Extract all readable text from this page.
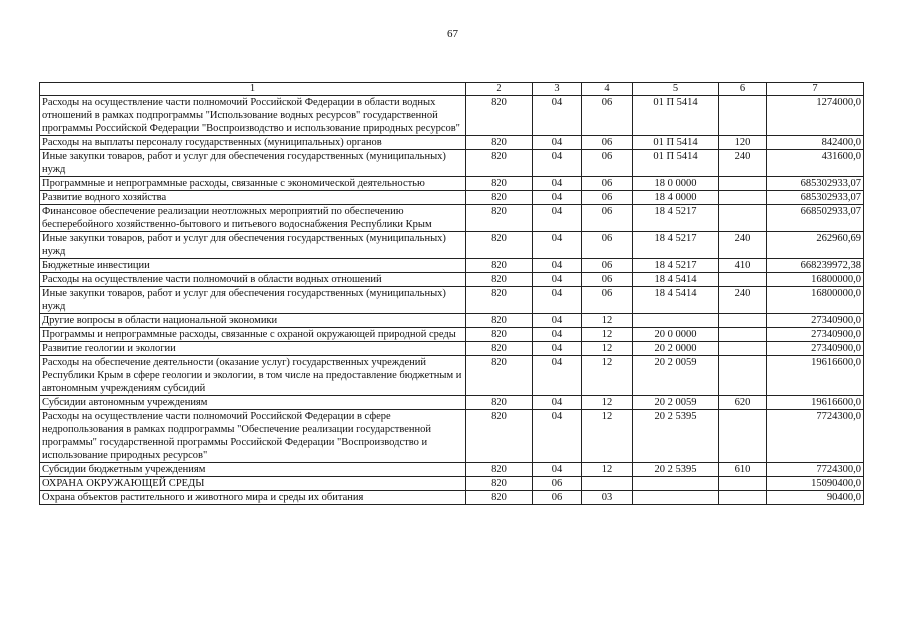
67
1	2	3	4	5	6	7
Расходы на осуществление части полномочий Российской Федерации в области водных отношений в рамках подпрограммы "Использование водных ресурсов" государственной программы Российской Федерации "Воспроизводство и использование природных ресурсов"	820	04	06	01 П 5414		1274000,0
Расходы на выплаты персоналу государственных (муниципальных) органов	820	04	06	01 П 5414	120	842400,0
Иные закупки товаров, работ и услуг для обеспечения государственных (муниципальных) нужд	820	04	06	01 П 5414	240	431600,0
Программные и непрограммные расходы, связанные с экономической деятельностью	820	04	06	18 0 0000		685302933,07
Развитие водного хозяйства	820	04	06	18 4 0000		685302933,07
Финансовое обеспечение реализации неотложных мероприятий по обеспечению бесперебойного хозяйственно-бытового и питьевого водоснабжения Республики Крым	820	04	06	18 4 5217		668502933,07
Иные закупки товаров, работ и услуг для обеспечения государственных (муниципальных) нужд	820	04	06	18 4 5217	240	262960,69
Бюджетные инвестиции	820	04	06	18 4 5217	410	668239972,38
Расходы на осуществление части полномочий в области водных отношений	820	04	06	18 4 5414		16800000,0
Иные закупки товаров, работ и услуг для обеспечения государственных (муниципальных) нужд	820	04	06	18 4 5414	240	16800000,0
Другие вопросы в области национальной экономики	820	04	12			27340900,0
Программы и непрограммные расходы, связанные с охраной окружающей природной среды	820	04	12	20 0 0000		27340900,0
Развитие геологии и экологии	820	04	12	20 2 0000		27340900,0
Расходы на обеспечение деятельности (оказание услуг) государственных учреждений Республики Крым в сфере геологии и экологии, в том числе на предоставление бюджетным и автономным учреждениям субсидий	820	04	12	20 2 0059		19616600,0
Субсидии автономным учреждениям	820	04	12	20 2 0059	620	19616600,0
Расходы на осуществление части полномочий Российской Федерации в сфере недропользования в рамках подпрограммы "Обеспечение реализации государственной программы" государственной программы Российской Федерации "Воспроизводство и использование природных ресурсов"	820	04	12	20 2 5395		7724300,0
Субсидии бюджетным учреждениям	820	04	12	20 2 5395	610	7724300,0
ОХРАНА ОКРУЖАЮЩЕЙ СРЕДЫ	820	06				15090400,0
Охрана объектов растительного и животного мира и среды их обитания	820	06	03			90400,0
